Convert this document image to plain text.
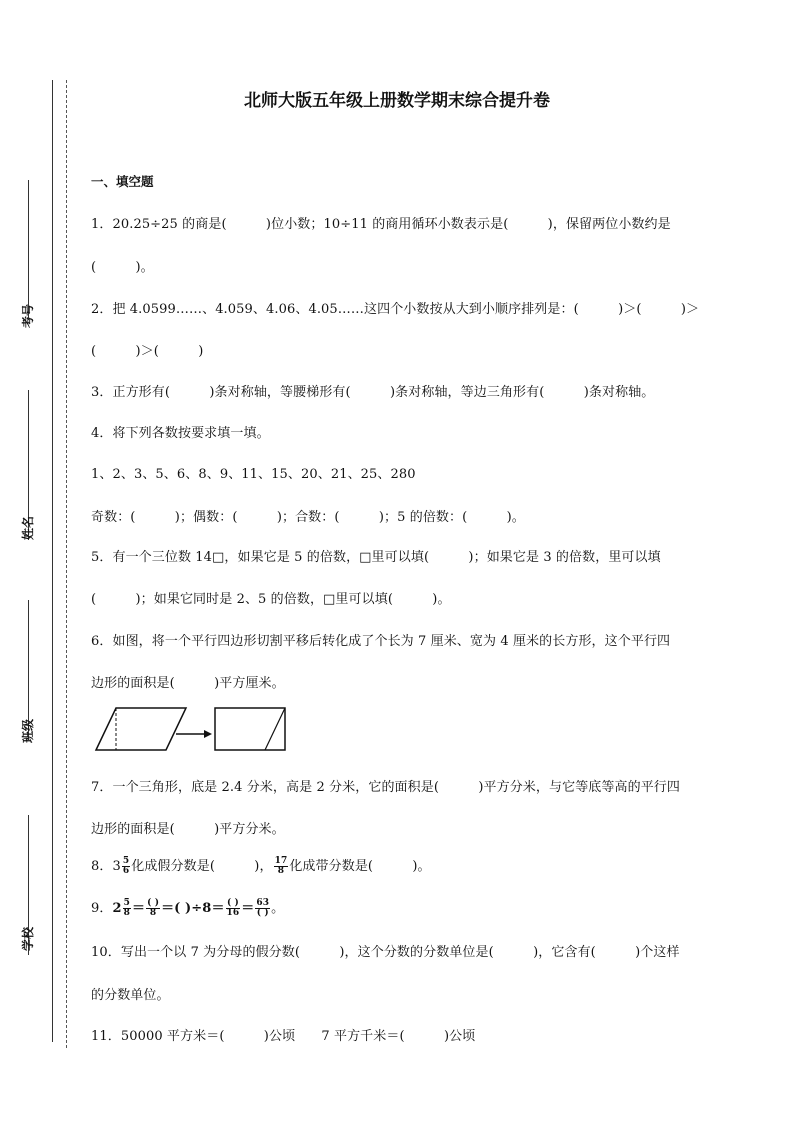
考号
姓名
班级
学校
北师大版五年级上册数学期末综合提升卷
一、填空题
1．20.25÷25 的商是(　　　)位小数；10÷11 的商用循环小数表示是(　　　)，保留两位小数约是
(　　　)。
2．把 4.0599……、4.059、4.06、4.05……这四个小数按从大到小顺序排列是：(　　　)＞(　　　)＞
(　　　)＞(　　　)
3．正方形有(　　　)条对称轴，等腰梯形有(　　　)条对称轴，等边三角形有(　　　)条对称轴。
4．将下列各数按要求填一填。
1、2、3、5、6、8、9、11、15、20、21、25、280
奇数：(　　　)；偶数：(　　　)；合数：(　　　)；5 的倍数：(　　　)。
5．有一个三位数 14□，如果它是 5 的倍数，□里可以填(　　　)；如果它是 3 的倍数，里可以填
(　　　)；如果它同时是 2、5 的倍数，□里可以填(　　　)。
6．如图，将一个平行四边形切割平移后转化成了个长为 7 厘米、宽为 4 厘米的长方形，这个平行四
边形的面积是(　　　)平方厘米。
7．一个三角形，底是 2.4 分米，高是 2 分米，它的面积是(　　　)平方分米，与它等底等高的平行四
边形的面积是(　　　)平方分米。
8．$3 \frac{5}{6}$ 化成假分数是(　　　)， $\frac{17}{8}$ 化成带分数是(　　　)。
9．$2 \frac{5}{8} = \frac{( )}{8}$ ＝( )$\div 8= \frac{( )}{16} = \frac{63}{( )}$ 。
10．写出一个以 7 为分母的假分数(　　　)，这个分数的分数单位是(　　　)，它含有(　　　)个这样
的分数单位。
11．50000 平方米＝(　　　)公顷　　7 平方千米＝(　　　)公顷
